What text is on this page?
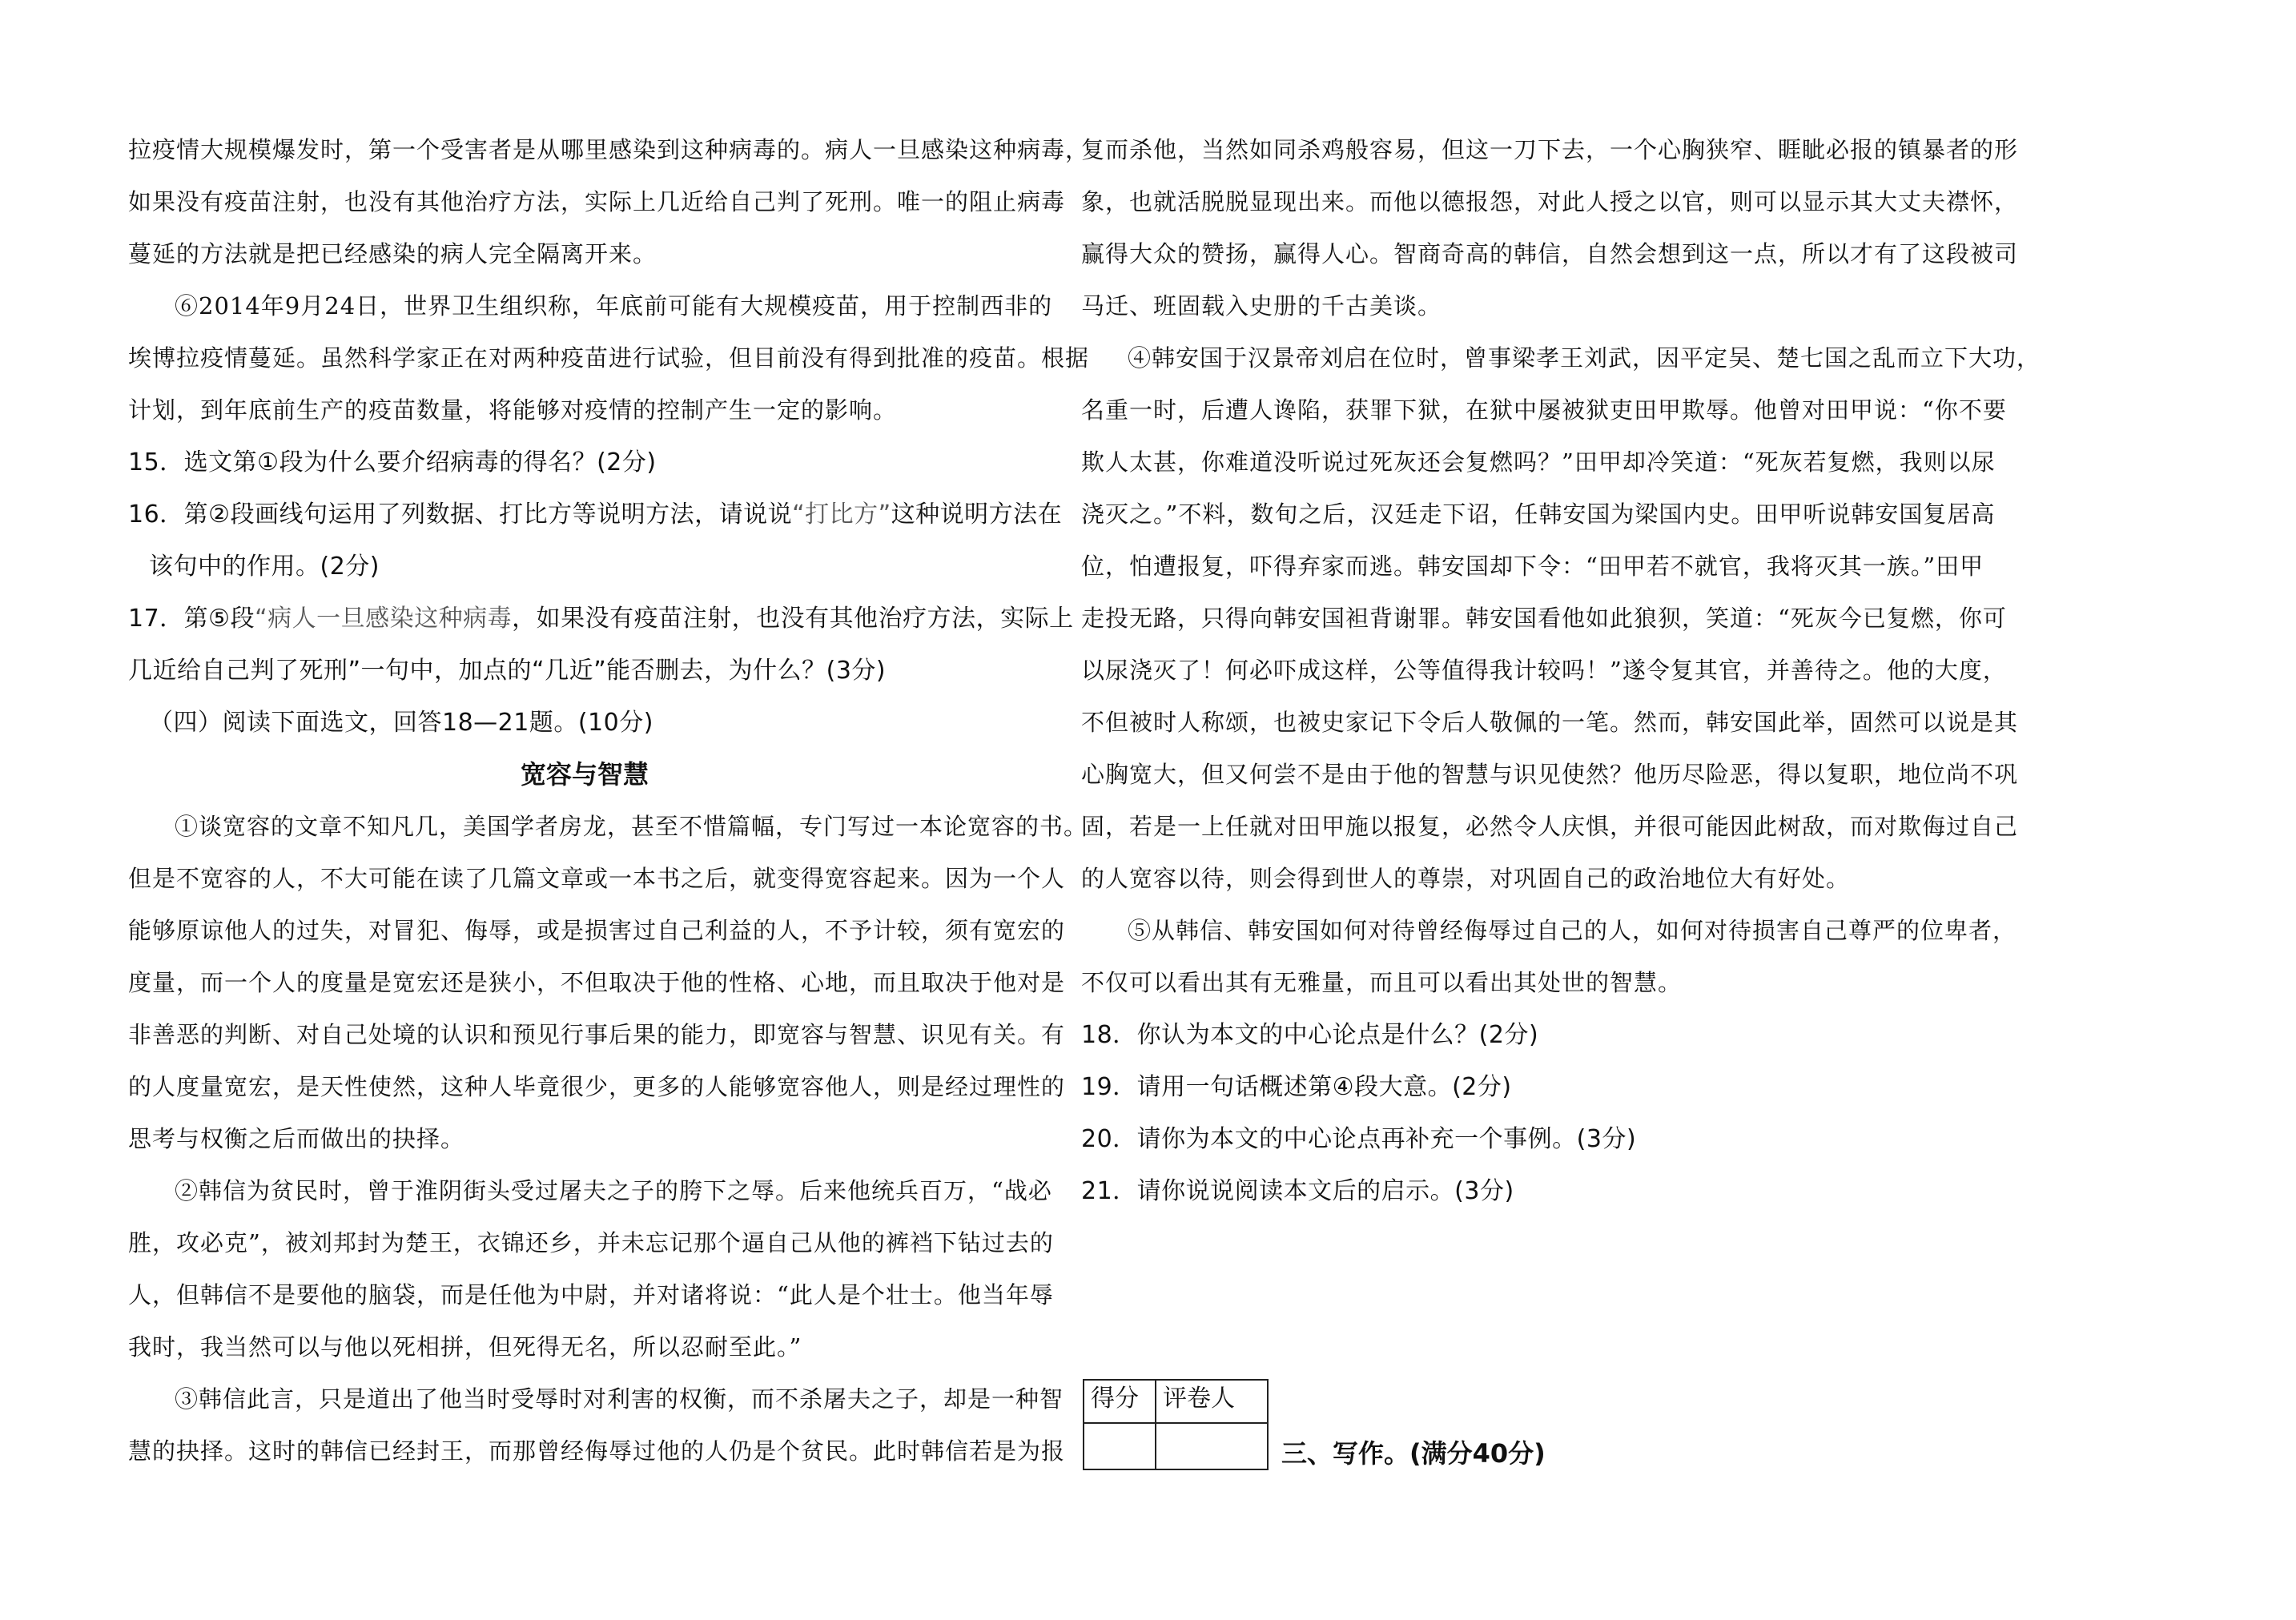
拉疫情大规模爆发时，第一个受害者是从哪里感染到这种病毒的。病人一旦感染这种病毒，
如果没有疫苗注射，也没有其他治疗方法，实际上几近给自己判了死刑。唯一的阻止病毒
蔓延的方法就是把已经感染的病人完全隔离开来。
⑥2014年9月24日，世界卫生组织称，年底前可能有大规模疫苗，用于控制西非的
埃博拉疫情蔓延。虽然科学家正在对两种疫苗进行试验，但目前没有得到批准的疫苗。根据
计划，到年底前生产的疫苗数量，将能够对疫情的控制产生一定的影响。
15．选文第①段为什么要介绍病毒的得名？(2分)
16．第②段画线句运用了列数据、打比方等说明方法，请说说“打比方”这种说明方法在
该句中的作用。(2分)
17．第⑤段“病人一旦感染这种病毒，如果没有疫苗注射，也没有其他治疗方法，实际上
几近给自己判了死刑”一句中，加点的“几近”能否删去，为什么？(3分)
（四）阅读下面选文，回答18—21题。(10分)
宽容与智慧
①谈宽容的文章不知凡几，美国学者房龙，甚至不惜篇幅，专门写过一本论宽容的书。
但是不宽容的人，不大可能在读了几篇文章或一本书之后，就变得宽容起来。因为一个人
能够原谅他人的过失，对冒犯、侮辱，或是损害过自己利益的人，不予计较，须有宽宏的
度量，而一个人的度量是宽宏还是狭小，不但取决于他的性格、心地，而且取决于他对是
非善恶的判断、对自己处境的认识和预见行事后果的能力，即宽容与智慧、识见有关。有
的人度量宽宏，是天性使然，这种人毕竟很少，更多的人能够宽容他人，则是经过理性的
思考与权衡之后而做出的抉择。
②韩信为贫民时，曾于淮阴街头受过屠夫之子的胯下之辱。后来他统兵百万，“战必
胜，攻必克”，被刘邦封为楚王，衣锦还乡，并未忘记那个逼自己从他的裤裆下钻过去的
人，但韩信不是要他的脑袋，而是任他为中尉，并对诸将说：“此人是个壮士。他当年辱
我时，我当然可以与他以死相拼，但死得无名，所以忍耐至此。”
③韩信此言，只是道出了他当时受辱时对利害的权衡，而不杀屠夫之子，却是一种智
慧的抉择。这时的韩信已经封王，而那曾经侮辱过他的人仍是个贫民。此时韩信若是为报
复而杀他，当然如同杀鸡般容易，但这一刀下去，一个心胸狭窄、睚眦必报的镇暴者的形
象，也就活脱脱显现出来。而他以德报怨，对此人授之以官，则可以显示其大丈夫襟怀，
赢得大众的赞扬，赢得人心。智商奇高的韩信，自然会想到这一点，所以才有了这段被司
马迁、班固载入史册的千古美谈。
④韩安国于汉景帝刘启在位时，曾事梁孝王刘武，因平定吴、楚七国之乱而立下大功，
名重一时，后遭人谗陷，获罪下狱，在狱中屡被狱吏田甲欺辱。他曾对田甲说：“你不要
欺人太甚，你难道没听说过死灰还会复燃吗？”田甲却冷笑道：“死灰若复燃，我则以尿
浇灭之。”不料，数旬之后，汉廷走下诏，任韩安国为梁国内史。田甲听说韩安国复居高
位，怕遭报复，吓得弃家而逃。韩安国却下令：“田甲若不就官，我将灭其一族。”田甲
走投无路，只得向韩安国袒背谢罪。韩安国看他如此狼狈，笑道：“死灰今已复燃，你可
以尿浇灭了！何必吓成这样，公等值得我计较吗！”遂令复其官，并善待之。他的大度，
不但被时人称颂，也被史家记下令后人敬佩的一笔。然而，韩安国此举，固然可以说是其
心胸宽大，但又何尝不是由于他的智慧与识见使然？他历尽险恶，得以复职，地位尚不巩
固，若是一上任就对田甲施以报复，必然令人庆惧，并很可能因此树敌，而对欺侮过自己
的人宽容以待，则会得到世人的尊崇，对巩固自己的政治地位大有好处。
⑤从韩信、韩安国如何对待曾经侮辱过自己的人，如何对待损害自己尊严的位卑者，
不仅可以看出其有无雅量，而且可以看出其处世的智慧。
18．你认为本文的中心论点是什么？(2分)
19．请用一句话概述第④段大意。(2分)
20．请你为本文的中心论点再补充一个事例。(3分)
21．请你说说阅读本文后的启示。(3分)
得分	评卷人

三、写作。(满分40分)
